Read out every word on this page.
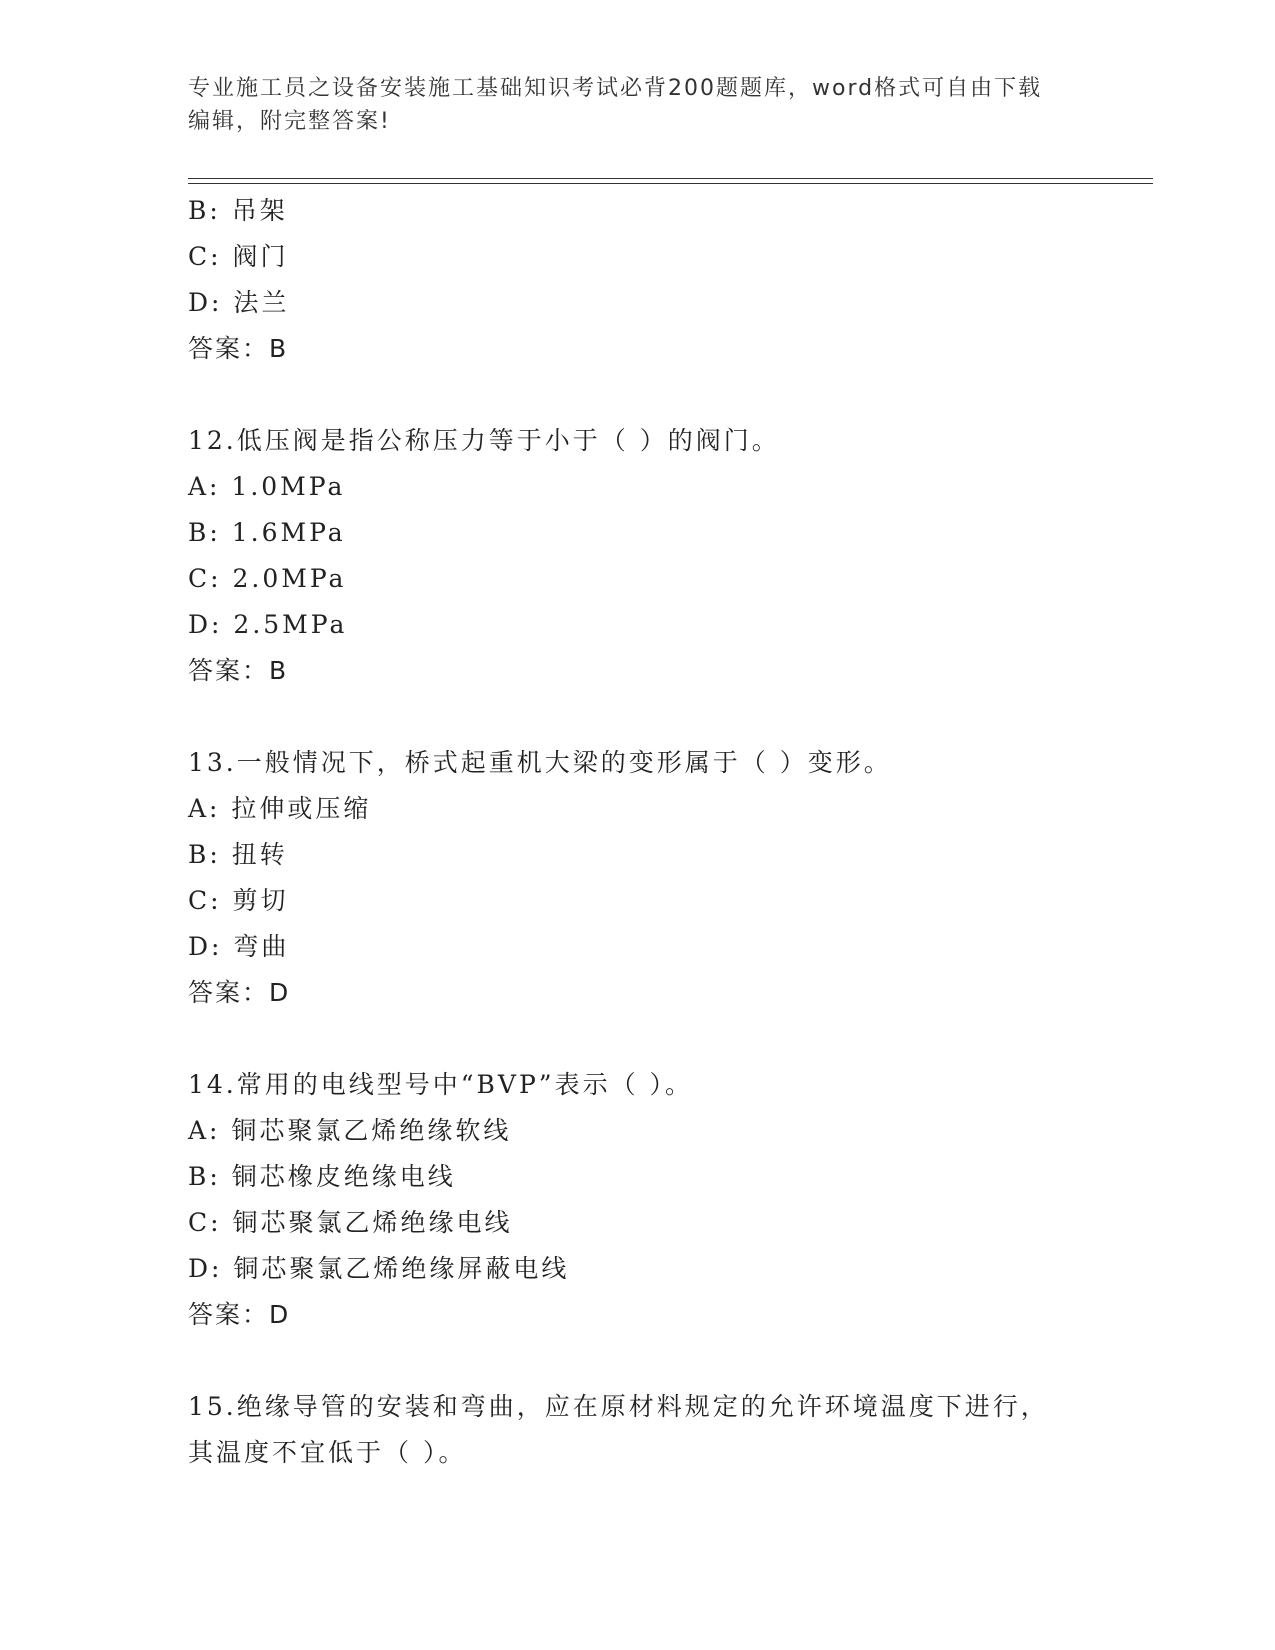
专业施工员之设备安装施工基础知识考试必背200题题库，word格式可自由下载
编辑，附完整答案!
B: 吊架
C: 阀门
D: 法兰
答案：B
12.低压阀是指公称压力等于小于（ ）的阀门。
A: 1.0MPa
B: 1.6MPa
C: 2.0MPa
D: 2.5MPa
答案：B
13.一般情况下，桥式起重机大梁的变形属于（ ）变形。
A: 拉伸或压缩
B: 扭转
C: 剪切
D: 弯曲
答案：D
14.常用的电线型号中“BVP”表示（ ）。
A: 铜芯聚氯乙烯绝缘软线
B: 铜芯橡皮绝缘电线
C: 铜芯聚氯乙烯绝缘电线
D: 铜芯聚氯乙烯绝缘屏蔽电线
答案：D
15.绝缘导管的安装和弯曲，应在原材料规定的允许环境温度下进行，
其温度不宜低于（ ）。
